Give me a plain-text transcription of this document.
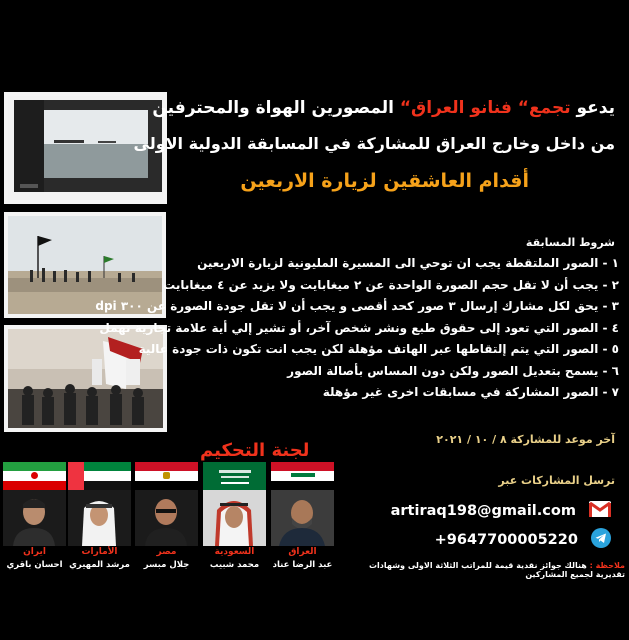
يدعو تجمع“ فنانو العراق“ المصورين الهواة والمحترفين
من داخل وخارج العراق للمشاركة في المسابقة الدولية الاولى
أقدام العاشقين لزيارة الاربعين
شروط المسابقة
١ - الصور الملتقطة يجب ان توحي الى المسيرة المليونية لزيارة الاربعين
٢ - يجب أن لا تقل حجم الصورة الواحدة عن ٢ ميغابايت ولا يزيد عن ٤ ميغابايت
٣ - يحق لكل مشارك إرسال ٣ صور كحد أقصى و يجب أن لا تقل جودة الصورة عن ٣٠٠ dpi
٤ - الصور التي تعود إلى حقوق طبع ونشر شخص آخر، أو تشير إلي أية علامة تجارية تهمل
٥ - الصور التي يتم إلتقاطها عبر الهاتف مؤهلة لكن يجب انت تكون ذات جودة عالية
٦ - يسمح بتعديل الصور ولكن دون المساس بأصالة الصور
٧ - الصور المشاركة في مسابقات اخرى غير مؤهلة
آخر موعد للمشاركة ٨ / ١٠ / ٢٠٢١
لجنة التحكيم
ايران
احسان باقري
الأمارات
مرشد المهيري
مصر
جلال مبسر
السعودية
محمد شبيب
العراق
عبد الرضا عناد
ترسل المشاركات عبر
artiraq198@gmail.com
+9647700005220
ملاحظة : هنالك جوائز نقدية قيمة للمراتب الثلاثة الاولى وشهادات تقديرية لجميع المشاركين
